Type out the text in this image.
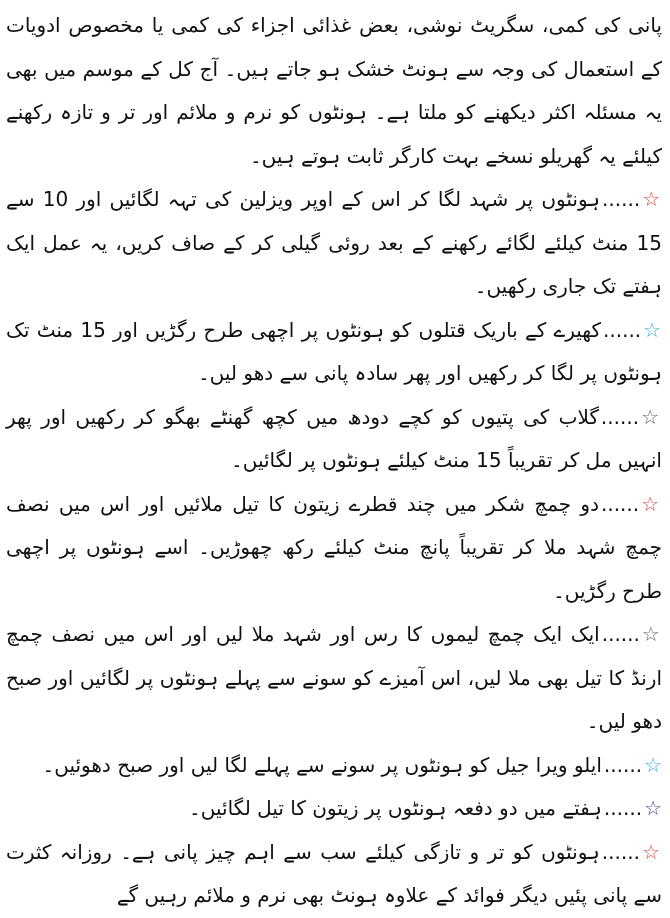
پانی کی کمی، سگریٹ نوشی، بعض غذائی اجزاء کی کمی یا مخصوص ادویات کے استعمال کی وجہ سے ہونٹ خشک ہو جاتے ہیں۔ آج کل کے موسم میں بھی یہ مسئلہ اکثر دیکھنے کو ملتا ہے۔ ہونٹوں کو نرم و ملائم اور تر و تازہ رکھنے کیلئے یہ گھریلو نسخے بہت کارگر ثابت ہوتے ہیں۔

☆......ہونٹوں پر شہد لگا کر اس کے اوپر ویزلین کی تہہ لگائیں اور 10 سے 15 منٹ کیلئے لگائے رکھنے کے بعد روئی گیلی کر کے صاف کریں، یہ عمل ایک ہفتے تک جاری رکھیں۔

☆......کھیرے کے باریک قتلوں کو ہونٹوں پر اچھی طرح رگڑیں اور 15 منٹ تک ہونٹوں پر لگا کر رکھیں اور پھر سادہ پانی سے دھو لیں۔

☆......گلاب کی پتیوں کو کچے دودھ میں کچھ گھنٹے بھگو کر رکھیں اور پھر انہیں مل کر تقریباً 15 منٹ کیلئے ہونٹوں پر لگائیں۔

☆......دو چمچ شکر میں چند قطرے زیتون کا تیل ملائیں اور اس میں نصف چمچ شہد ملا کر تقریباً پانچ منٹ کیلئے رکھ چھوڑیں۔ اسے ہونٹوں پر اچھی طرح رگڑیں۔

☆......ایک ایک چمچ لیموں کا رس اور شہد ملا لیں اور اس میں نصف چمچ ارنڈ کا تیل بھی ملا لیں، اس آمیزے کو سونے سے پہلے ہونٹوں پر لگائیں اور صبح دھو لیں۔

☆......ایلو ویرا جیل کو ہونٹوں پر سونے سے پہلے لگا لیں اور صبح دھوئیں۔

☆......ہفتے میں دو دفعہ ہونٹوں پر زیتون کا تیل لگائیں۔

☆......ہونٹوں کو تر و تازگی کیلئے سب سے اہم چیز پانی ہے۔ روزانہ کثرت سے پانی پئیں دیگر فوائد کے علاوہ ہونٹ بھی نرم و ملائم رہیں گے
